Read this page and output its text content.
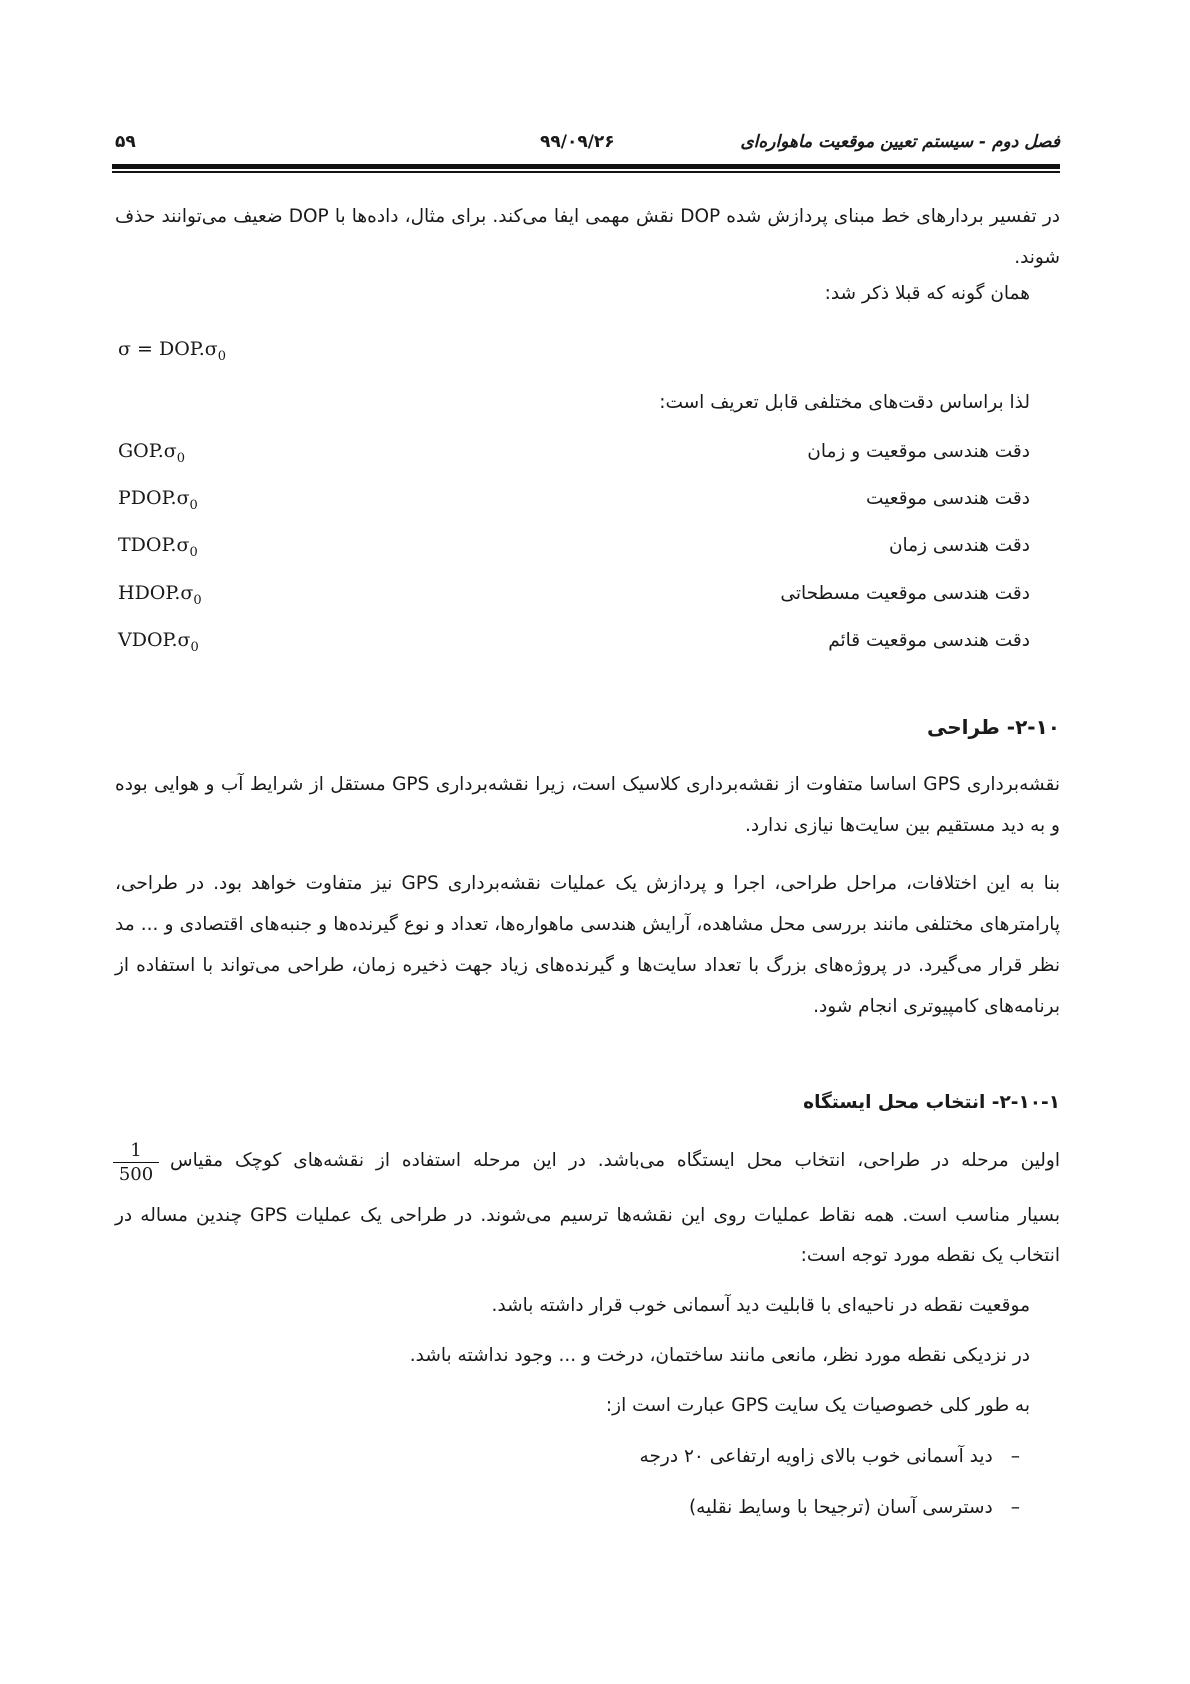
۵۹	۹۹/۰۹/۲۶	فصل دوم - سیستم تعیین موقعیت ماهواره‌ای
در تفسیر بردارهای خط مبنای پردازش شده DOP نقش مهمی ایفا می‌کند. برای مثال، داده‌ها با DOP ضعیف می‌توانند حذف شوند.
همان گونه که قبلا ذکر شد:
$\sigma = DOP.\sigma_0$
لذا براساس دقت‌های مختلفی قابل تعریف است:
دقت هندسی موقعیت و زمان
$GOP.\sigma_0$
دقت هندسی موقعیت
$PDOP.\sigma_0$
دقت هندسی زمان
$TDOP.\sigma_0$
دقت هندسی موقعیت مسطحاتی
$HDOP.\sigma_0$
دقت هندسی موقعیت قائم
$VDOP.\sigma_0$
۲-۱۰- طراحی
نقشه‌برداری GPS اساسا متفاوت از نقشه‌برداری کلاسیک است، زیرا نقشه‌برداری GPS مستقل از شرایط آب و هوایی بوده و به دید مستقیم بین سایت‌ها نیازی ندارد.
بنا به این اختلافات، مراحل طراحی، اجرا و پردازش یک عملیات نقشه‌برداری GPS نیز متفاوت خواهد بود. در طراحی، پارامترهای مختلفی مانند بررسی محل مشاهده، آرایش هندسی ماهواره‌ها، تعداد و نوع گیرنده‌ها و جنبه‌های اقتصادی و ... مد نظر قرار می‌گیرد. در پروژه‌های بزرگ با تعداد سایت‌ها و گیرنده‌های زیاد جهت ذخیره زمان، طراحی می‌تواند با استفاده از برنامه‌های کامپیوتری انجام شود.
۲-۱۰-۱- انتخاب محل ایستگاه
$\frac{1}{500}$ اولین مرحله در طراحی، انتخاب محل ایستگاه می‌باشد. در این مرحله استفاده از نقشه‌های کوچک مقیاس
بسیار مناسب است. همه نقاط عملیات روی این نقشه‌ها ترسیم می‌شوند. در طراحی یک عملیات GPS چندین مساله در
انتخاب یک نقطه مورد توجه است:
موقعیت نقطه در ناحیه‌ای با قابلیت دید آسمانی خوب قرار داشته باشد.
در نزدیکی نقطه مورد نظر، مانعی مانند ساختمان، درخت و ... وجود نداشته باشد.
به طور کلی خصوصیات یک سایت GPS عبارت است از:
–دید آسمانی خوب بالای زاویه ارتفاعی ۲۰ درجه
–دسترسی آسان (ترجیحا با وسایط نقلیه)
